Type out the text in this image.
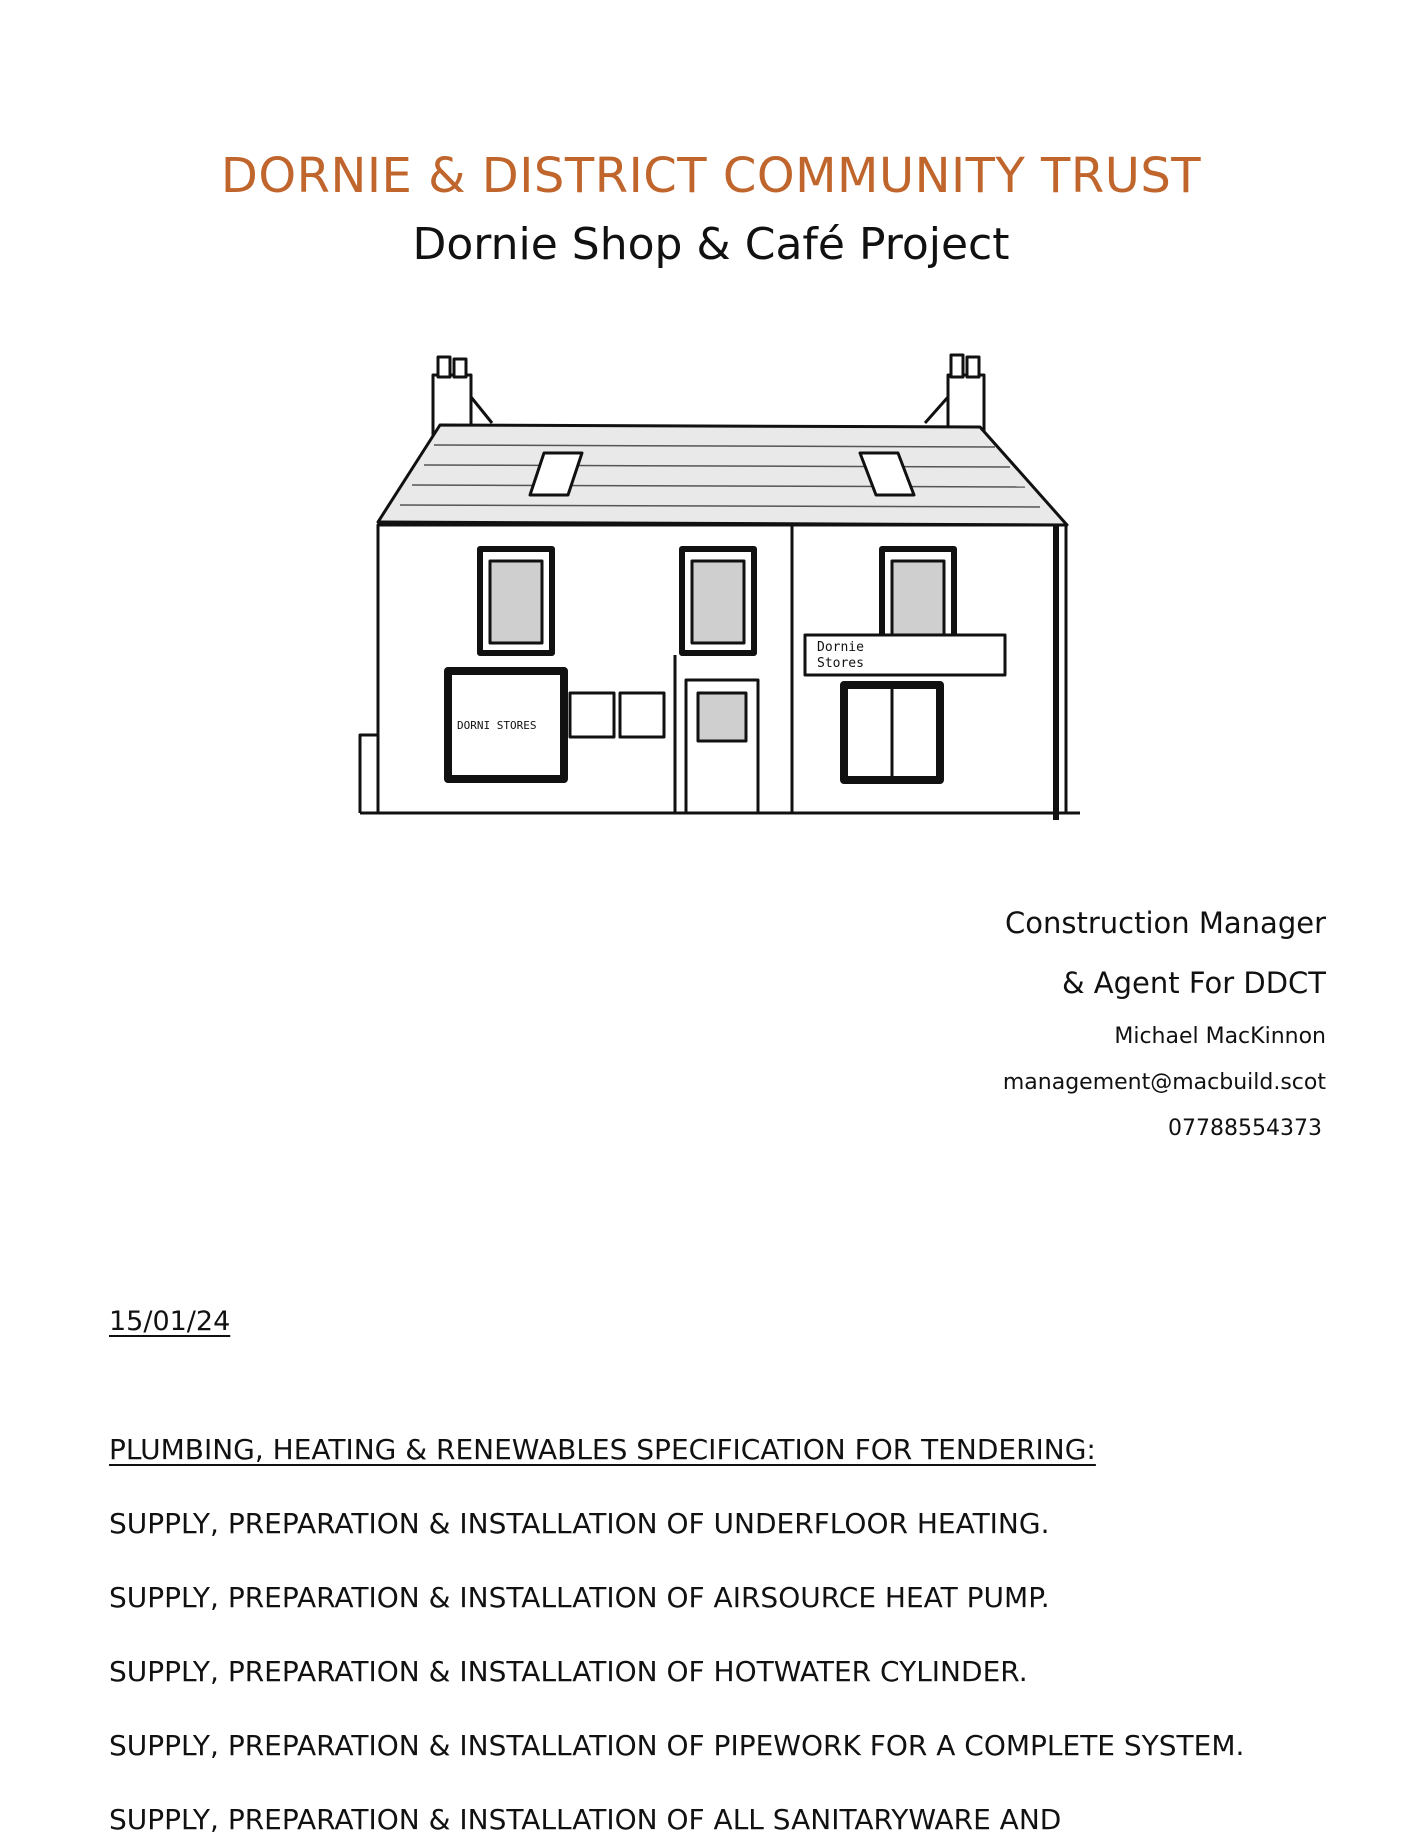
DORNIE & DISTRICT COMMUNITY TRUST
Dornie Shop & Café Project
DORNI STORES
Dornie
Stores
Construction Manager
& Agent For DDCT
Michael MacKinnon
management@macbuild.scot
07788554373
15/01/24
PLUMBING, HEATING & RENEWABLES SPECIFICATION FOR TENDERING:
SUPPLY, PREPARATION & INSTALLATION OF UNDERFLOOR HEATING.
SUPPLY, PREPARATION & INSTALLATION OF AIRSOURCE HEAT PUMP.
SUPPLY, PREPARATION & INSTALLATION OF HOTWATER CYLINDER.
SUPPLY, PREPARATION & INSTALLATION OF PIPEWORK FOR A COMPLETE SYSTEM.
SUPPLY, PREPARATION & INSTALLATION OF ALL SANITARYWARE AND
